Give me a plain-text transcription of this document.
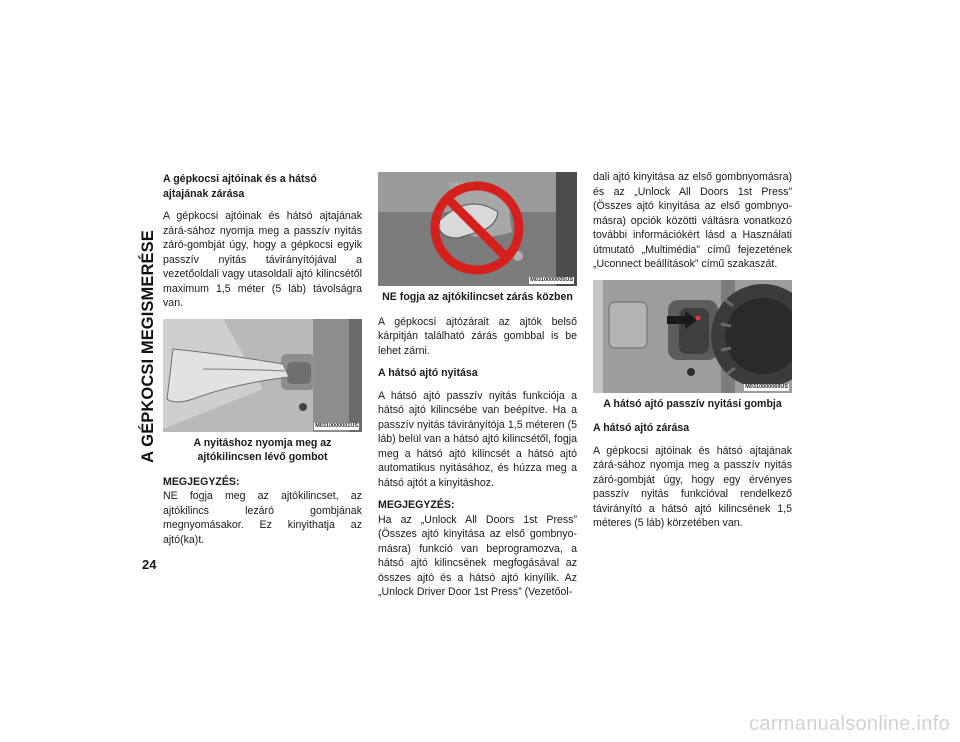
A GÉPKOCSI MEGISMERÉSE
24
A gépkocsi ajtóinak és a hátsó ajtajának zárása

A gépkocsi ajtóinak és hátsó ajtajának zárá-sához nyomja meg a passzív nyitás záró-gombját úgy, hogy a gépkocsi egyik passzív nyitás távirányítójával a vezetőoldali vagy utasoldali ajtó kilincsétől maximum 1,5 méter (5 láb) távolságra van.

M0310000001US
A nyitáshoz nyomja meg az ajtókilincsen lévő gombot
MEGJEGYZÉS:

NE fogja meg az ajtókilincset, az ajtókilincs lezáró gombjának megnyomásakor. Ez kinyithatja az ajtó(ka)t.

M0310000005US
NE fogja az ajtókilincset zárás közben

A gépkocsi ajtózárait az ajtók belső kárpitján található zárás gombbal is be lehet zárni.

A hátsó ajtó nyitása

A hátsó ajtó passzív nyitás funkciója a hátsó ajtó kilincsébe van beépítve. Ha a passzív nyitás távirányítója 1,5 méteren (5 láb) belül van a hátsó ajtó kilincsétől, fogja meg a hátsó ajtó kilincsét a hátsó ajtó automatikus nyitásához, és húzza meg a hátsó ajtót a kinyitáshoz.

MEGJEGYZÉS:

Ha az „Unlock All Doors 1st Press” (Összes ajtó kinyitása az első gombnyo-másra) funkció van beprogramozva, a hátsó ajtó kilincsének megfogásával az összes ajtó és a hátsó ajtó kinyílik. Az „Unlock Driver Door 1st Press” (Vezetőol-

dali ajtó kinyitása az első gombnyomásra) és az „Unlock All Doors 1st Press” (Összes ajtó kinyitása az első gombnyo-másra) opciók közötti váltásra vonatkozó további információkért lásd a Használati útmutató „Multimédia” című fejezetének „Uconnect beállítások” című szakaszát.

M0310000069US
A hátsó ajtó passzív nyitási gombja
A hátsó ajtó zárása

A gépkocsi ajtóinak és hátsó ajtajának zárá-sához nyomja meg a passzív nyitás záró-gombját úgy, hogy egy érvényes passzív nyitás funkcióval rendelkező távirányító a hátsó ajtó kilincsének 1,5 méteres (5 láb) körzetében van.

carmanualsonline.info
